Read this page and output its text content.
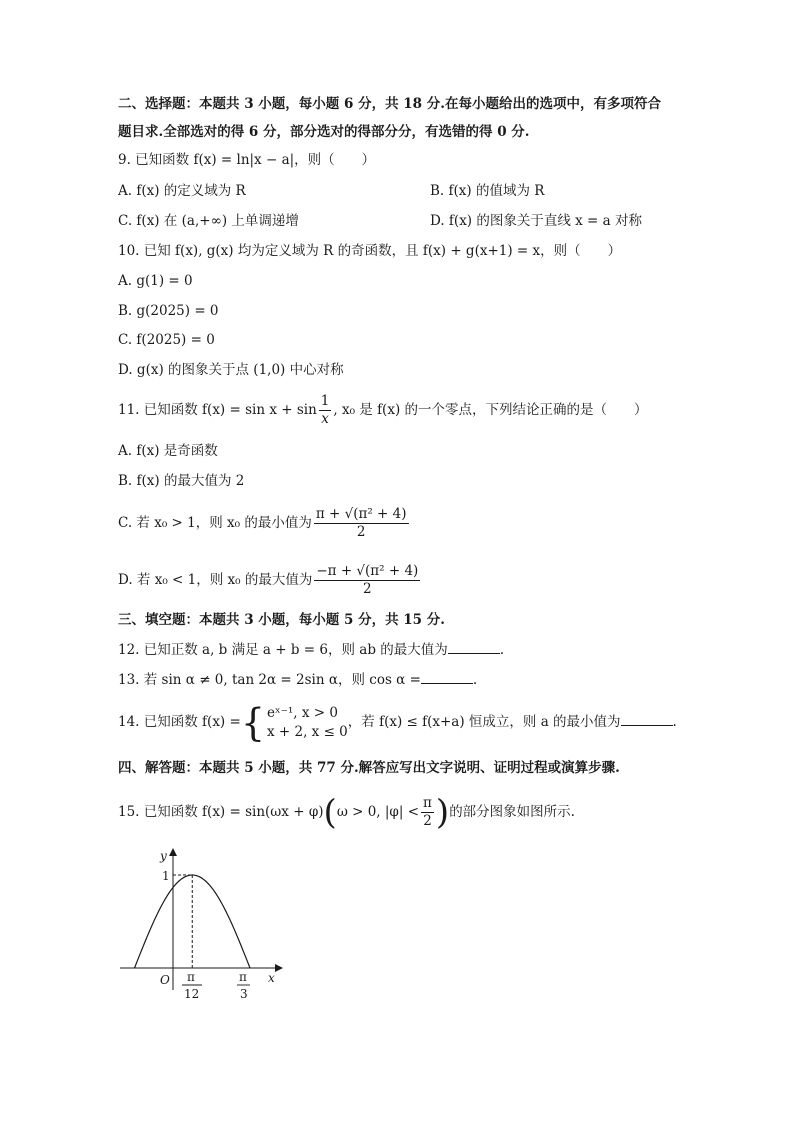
二、选择题：本题共 3 小题，每小题 6 分，共 18 分.在每小题给出的选项中，有多项符合
题目求.全部选对的得 6 分，部分选对的得部分分，有选错的得 0 分.
9. 已知函数 f(x) = ln|x − a|，则（　　）
A. f(x) 的定义域为 R	B. f(x) 的值域为 R
C. f(x) 在 (a,+∞) 上单调递增	D. f(x) 的图象关于直线 x = a 对称
10. 已知 f(x), g(x) 均为定义域为 R 的奇函数，且 f(x) + g(x+1) = x，则（　　）
A. g(1) = 0
B. g(2025) = 0
C. f(2025) = 0
D. g(x) 的图象关于点 (1,0) 中心对称
11. 已知函数 $f(x) = \sin x + \sin \frac{1}{x}$ , x₀ 是 f(x) 的一个零点，下列结论正确的是（　　）
A. f(x) 是奇函数
B. f(x) 的最大值为 2
C. 若 x₀ > 1，则 x₀ 的最小值为 $\frac{\text{π + √(π² + 4)}}{2}$
D. 若 x₀ < 1，则 x₀ 的最大值为 $\frac{\text{−π + √(π² + 4)}}{2}$
三、填空题：本题共 3 小题，每小题 5 分，共 15 分.
12. 已知正数 a, b 满足 a + b = 6，则 ab 的最大值为	.
13. 若 sin α ≠ 0, tan 2α = 2sin α，则 cos α =	.
14. 已知函数 f(x) ={ eˣ⁻¹, x > 0
x + 2, x ≤ 0
，若 f(x) ≤ f(x+a) 恒成立，则 a 的最小值为	.
四、解答题：本题共 5 小题，共 77 分.解答应写出文字说明、证明过程或演算步骤.
15. 已知函数 f(x) = sin(ωx + φ)(ω > 0, $|\varphi| < \frac{\pi}{2}$ )的部分图象如图所示.
y
x
O
1
π
12
π
3
